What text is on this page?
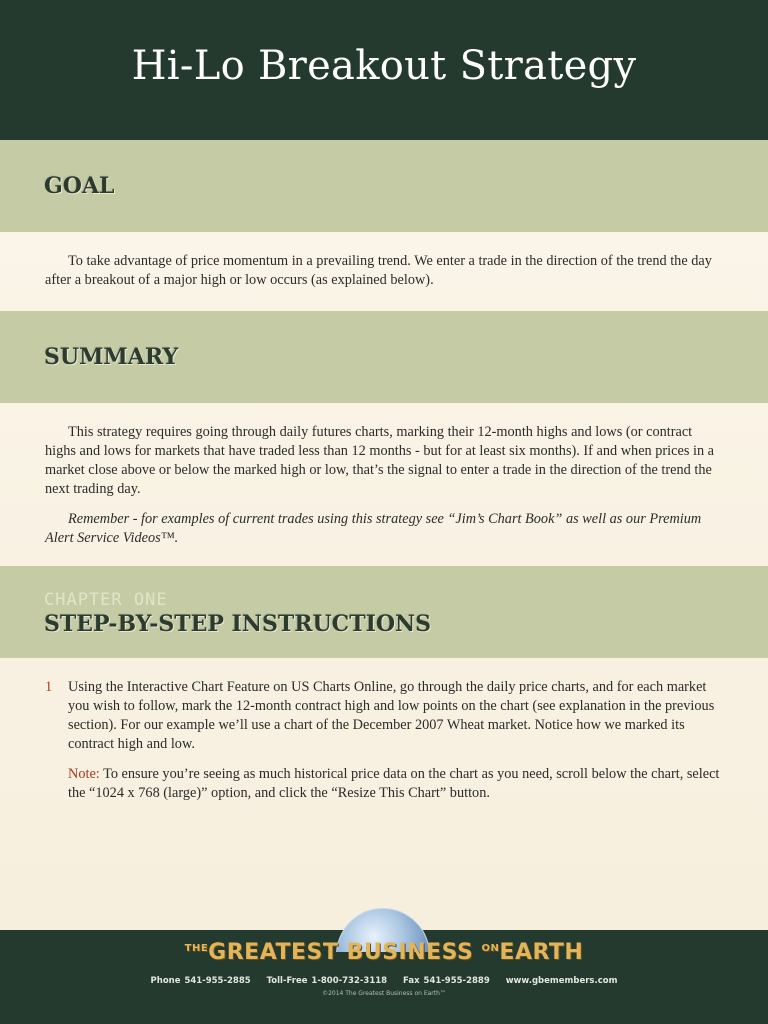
Hi-Lo Breakout Strategy
GOAL

To take advantage of price momentum in a prevailing trend. We enter a trade in the direction of the trend the day after a breakout of a major high or low occurs (as explained below).

SUMMARY

This strategy requires going through daily futures charts, marking their 12-month highs and lows (or contract highs and lows for markets that have traded less than 12 months - but for at least six months). If and when prices in a market close above or below the marked high or low, that’s the signal to enter a trade in the direction of the trend the next trading day.

Remember - for examples of current trades using this strategy see “Jim’s Chart Book” as well as our Premium Alert Service Videos™.

CHAPTER ONE
STEP-BY-STEP INSTRUCTIONS
1 Using the Interactive Chart Feature on US Charts Online, go through the daily price charts, and for each market you wish to follow, mark the 12-month contract high and low points on the chart (see explanation in the previous section). For our example we’ll use a chart of the December 2007 Wheat market. Notice how we marked its contract high and low.

Note: To ensure you’re seeing as much historical price data on the chart as you need, scroll below the chart, select the “1024 x 768 (large)” option, and click the “Resize This Chart” button.

$^{THE}$GREATEST BUSINESS $^{ON}$EARTH
Phone 541-955-2885 Toll-Free 1-800-732-3118 Fax 541-955-2889 www.gbemembers.com
©2014 The Greatest Business on Earth™
